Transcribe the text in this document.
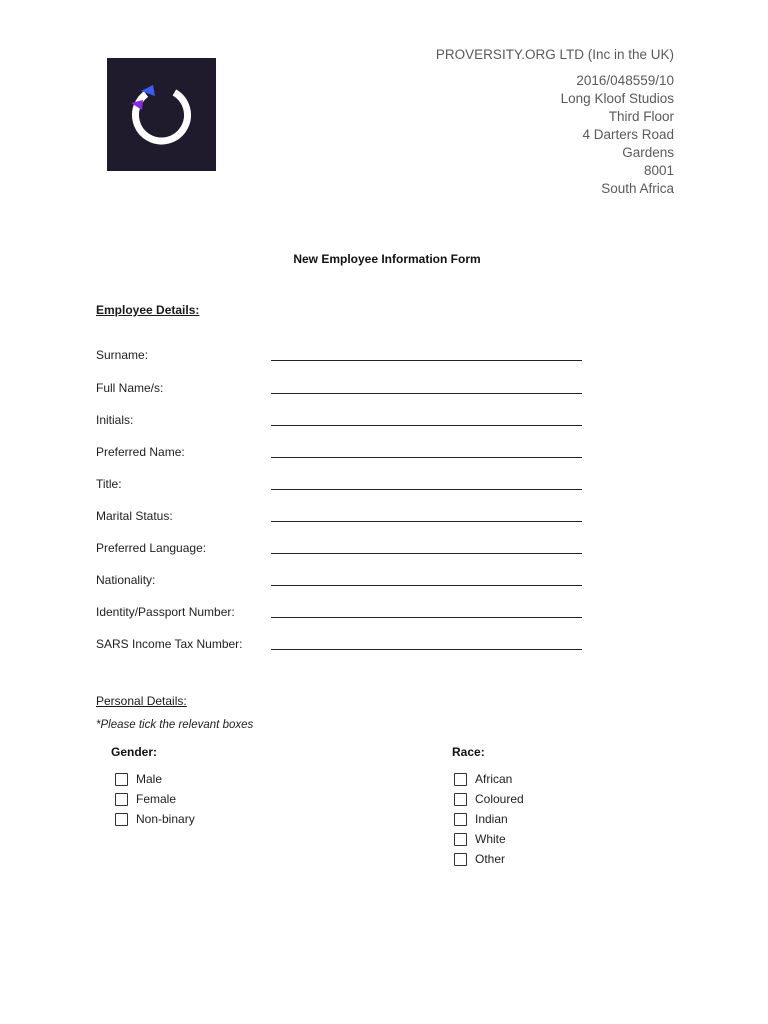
PROVERSITY.ORG LTD (Inc in the UK)
2016/048559/10
Long Kloof Studios
Third Floor
4 Darters Road
Gardens
8001
South Africa
New Employee Information Form
Employee Details:
Surname:
Full Name/s:
Initials:
Preferred Name:
Title:
Marital Status:
Preferred Language:
Nationality:
Identity/Passport Number:
SARS Income Tax Number:
Personal Details:
*Please tick the relevant boxes
Gender:
Male
Female
Non-binary
Race:
African
Coloured
Indian
White
Other
